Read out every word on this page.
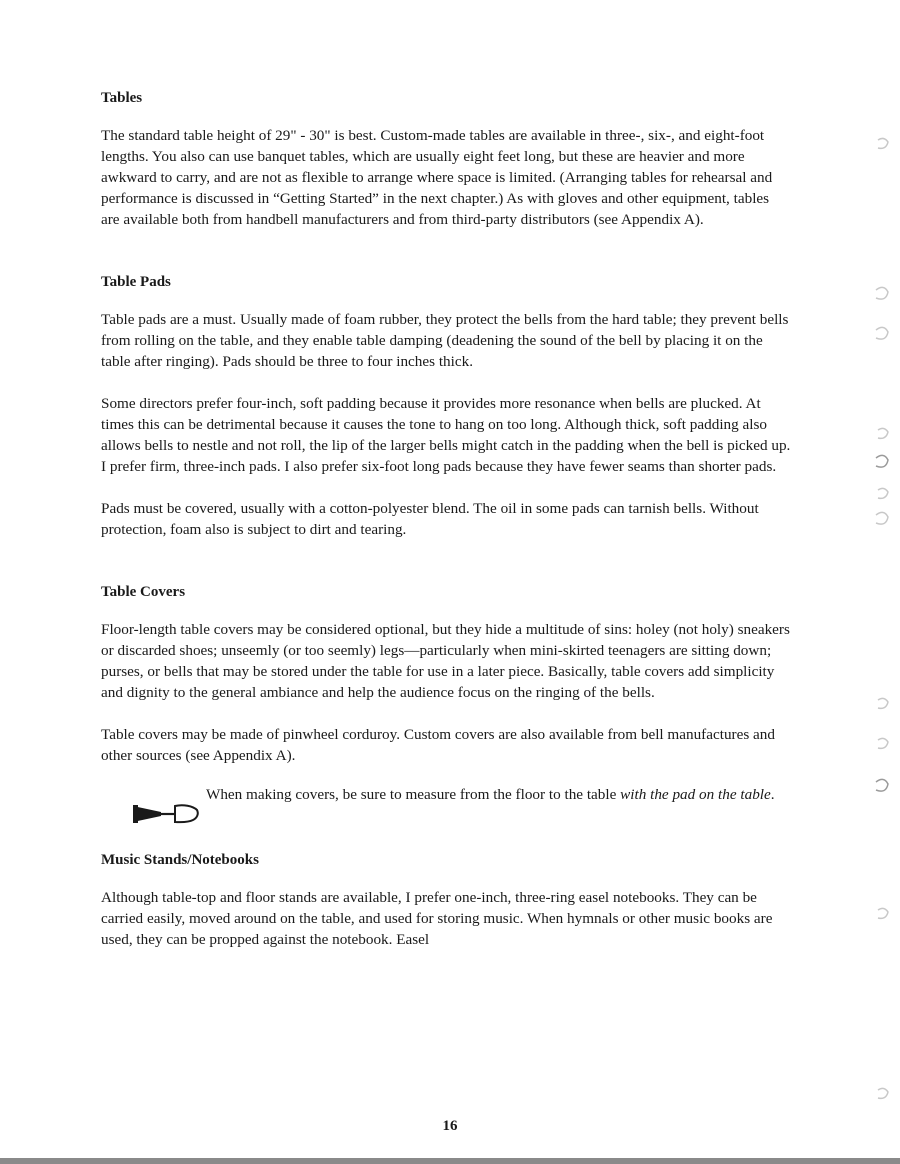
Tables

The standard table height of 29" - 30" is best. Custom-made tables are available in three-, six-, and eight-foot lengths. You also can use banquet tables, which are usually eight feet long, but these are heavier and more awkward to carry, and are not as flexible to arrange where space is limited. (Arranging tables for rehearsal and performance is discussed in “Getting Started” in the next chapter.) As with gloves and other equipment, tables are available both from handbell manufacturers and from third-party distributors (see Appendix A).

Table Pads

Table pads are a must. Usually made of foam rubber, they protect the bells from the hard table; they prevent bells from rolling on the table, and they enable table damping (deadening the sound of the bell by placing it on the table after ringing). Pads should be three to four inches thick.

Some directors prefer four-inch, soft padding because it provides more resonance when bells are plucked. At times this can be detrimental because it causes the tone to hang on too long. Although thick, soft padding also allows bells to nestle and not roll, the lip of the larger bells might catch in the padding when the bell is picked up. I prefer firm, three-inch pads. I also prefer six-foot long pads because they have fewer seams than shorter pads.

Pads must be covered, usually with a cotton-polyester blend. The oil in some pads can tarnish bells. Without protection, foam also is subject to dirt and tearing.

Table Covers

Floor-length table covers may be considered optional, but they hide a multitude of sins: holey (not holy) sneakers or discarded shoes; unseemly (or too seemly) legs—particularly when mini-skirted teenagers are sitting down; purses, or bells that may be stored under the table for use in a later piece. Basically, table covers add simplicity and dignity to the general ambiance and help the audience focus on the ringing of the bells.

Table covers may be made of pinwheel corduroy. Custom covers are also available from bell manufactures and other sources (see Appendix A).

When making covers, be sure to measure from the floor to the table with the pad on the table.
Music Stands/Notebooks

Although table-top and floor stands are available, I prefer one-inch, three-ring easel notebooks. They can be carried easily, moved around on the table, and used for storing music. When hymnals or other music books are used, they can be propped against the notebook. Easel

16
